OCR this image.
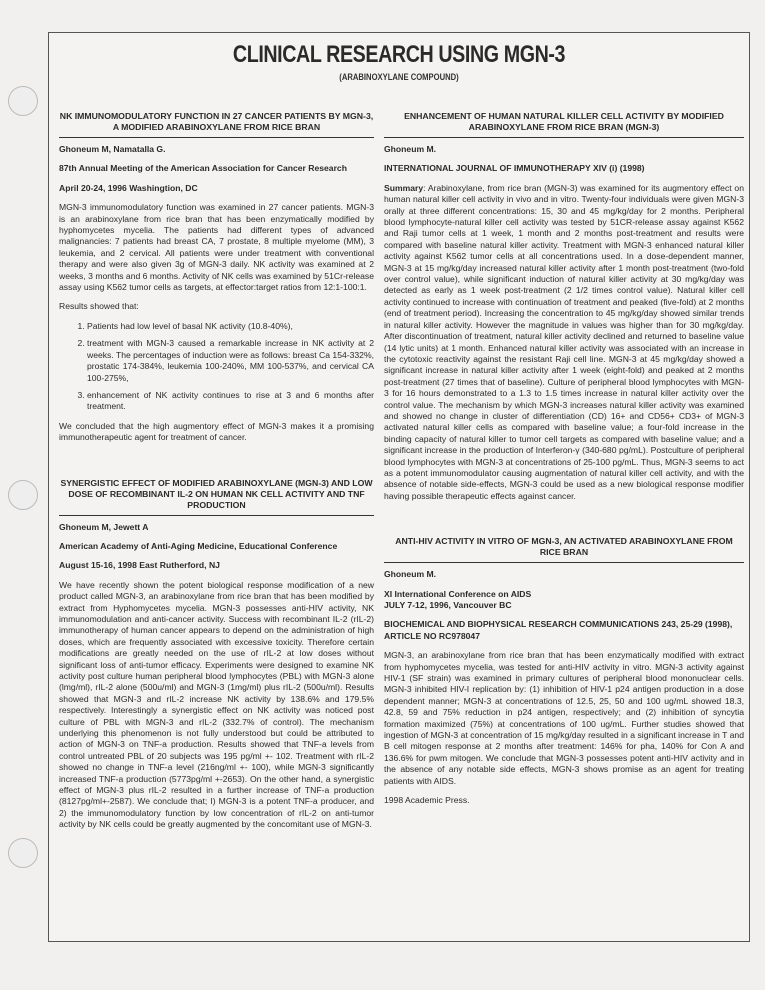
CLINICAL RESEARCH USING MGN-3
(ARABINOXYLANE COMPOUND)
NK IMMUNOMODULATORY FUNCTION IN 27 CANCER PATIENTS BY MGN-3, A MODIFIED ARABINOXYLANE FROM RICE BRAN
Ghoneum M, Namatalla G.
87th Annual Meeting of the American Association for Cancer Research
April 20-24, 1996 Washingtion, DC

MGN-3 immunomodulatory function was examined in 27 cancer patients. MGN-3 is an arabinoxylane from rice bran that has been enzymatically modified by hyphomycetes mycelia. The patients had different types of advanced malignancies: 7 patients had breast CA, 7 prostate, 8 multiple myelome (MM), 3 leukemia, and 2 cervical. All patients were under treatment with conventional therapy and were also given 3g of MGN-3 daily. NK activity was examined at 2 weeks, 3 months and 6 months. Activity of NK cells was examined by 51Cr-release assay using K562 tumor cells as targets, at effector:target ratios from 12:1-100:1.

Results showed that:

1. Patients had low level of basal NK activity (10.8-40%),
2. treatment with MGN-3 caused a remarkable increase in NK activity at 2 weeks. The percentages of induction were as follows: breast Ca 154-332%, prostatic 174-384%, leukemia 100-240%, MM 100-537%, and cervical CA 100-275%,
3. enhancement of NK activity continues to rise at 3 and 6 months after treatment.

We concluded that the high augmentory effect of MGN-3 makes it a promising immunotherapeutic agent for treatment of cancer.

SYNERGISTIC EFFECT OF MODIFIED ARABINOXYLANE (MGN-3) AND LOW DOSE OF RECOMBINANT IL-2 ON HUMAN NK CELL ACTIVITY AND TNF PRODUCTION
Ghoneum M, Jewett A
American Academy of Anti-Aging Medicine, Educational Conference
August 15-16, 1998 East Rutherford, NJ

We have recently shown the potent biological response modification of a new product called MGN-3, an arabinoxylane from rice bran that has been modified by extract from Hyphomycetes mycelia. MGN-3 possesses anti-HIV activity, NK immunomodulation and anti-cancer activity. Success with recombinant IL-2 (rIL-2) immunotherapy of human cancer appears to depend on the administration of high doses, which are frequently associated with excessive toxicity. Therefore certain modifications are greatly needed on the use of rIL-2 at low doses without significant loss of anti-tumor efficacy. Experiments were designed to examine NK activity post culture human peripheral blood lymphocytes (PBL) with MGN-3 alone (lmg/ml), rIL-2 alone (500u/ml) and MGN-3 (1mg/ml) plus rIL-2 (500u/ml). Results showed that MGN-3 and rIL-2 increase NK activity by 138.6% and 179.5% respectively. Interestingly a synergistic effect on NK activity was noticed post culture of PBL with MGN-3 and rIL-2 (332.7% of control). The mechanism underlying this phenomenon is not fully understood but could be attributed to action of MGN-3 on TNF-a production. Results showed that TNF-a levels from control untreated PBL of 20 subjects was 195 pg/ml +- 102. Treatment with rIL-2 showed no change in TNF-a level (216ng/ml +- 100), while MGN-3 significantly increased TNF-a production (5773pg/ml +-2653). On the other hand, a synergistic effect of MGN-3 plus rIL-2 resulted in a further increase of TNF-a production (8127pg/ml+-2587). We conclude that; I) MGN-3 is a potent TNF-a producer, and 2) the immunomodulatory function by low concentration of rIL-2 on anti-tumor activity by NK cells could be greatly augmented by the concomitant use of MGN-3.

ENHANCEMENT OF HUMAN NATURAL KILLER CELL ACTIVITY BY MODIFIED ARABINOXYLANE FROM RICE BRAN (MGN-3)
Ghoneum M.
INTERNATIONAL JOURNAL OF IMMUNOTHERAPY XIV (i) (1998)

Summary: Arabinoxylane, from rice bran (MGN-3) was examined for its augmentory effect on human natural killer cell activity in vivo and in vitro. Twenty-four individuals were given MGN-3 orally at three different concentrations: 15, 30 and 45 mg/kg/day for 2 months. Peripheral blood lymphocyte-natural killer cell activity was tested by 51CR-release assay against K562 and Raji tumor cells at 1 week, 1 month and 2 months post-treatment and results were compared with baseline natural killer activity. Treatment with MGN-3 enhanced natural killer activity against K562 tumor cells at all concentrations used. In a dose-dependent manner, MGN-3 at 15 mg/kg/day increased natural killer activity after 1 month post-treatment (two-fold over control value), while significant induction of natural killer activity at 30 mg/kg/day was detected as early as 1 week post-treatment (2 1/2 times control value). Natural killer cell activity continued to increase with continuation of treatment and peaked (five-fold) at 2 months (end of treatment period). Increasing the concentration to 45 mg/kg/day showed similar trends in natural killer activity. However the magnitude in values was higher than for 30 mg/kg/day. After discontinuation of treatment, natural killer activity declined and returned to baseline value (14 lytic units) at 1 month. Enhanced natural killer activity was associated with an increase in the cytotoxic reactivity against the resistant Raji cell line. MGN-3 at 45 mg/kg/day showed a significant increase in natural killer activity after 1 week (eight-fold) and peaked at 2 months post-treatment (27 times that of baseline). Culture of peripheral blood lymphocytes with MGN-3 for 16 hours demonstrated to a 1.3 to 1.5 times increase in natural killer activity over the control value. The mechanism by which MGN-3 increases natural killer activity was examined and showed no change in cluster of differentiation (CD) 16+ and CD56+ CD3+ of MGN-3 activated natural killer cells as compared with baseline value; a four-fold increase in the binding capacity of natural killer to tumor cell targets as compared with baseline value; and a significant increase in the production of Interferon-γ (340-680 pg/mL). Postculture of peripheral blood lymphocytes with MGN-3 at concentrations of 25-100 pg/mL. Thus, MGN-3 seems to act as a potent immunomodulator causing augmentation of natural killer cell activity, and with the absence of notable side-effects, MGN-3 could be used as a new biological response modifier having possible therapeutic effects against cancer.

ANTI-HIV ACTIVITY IN VITRO OF MGN-3, AN ACTIVATED ARABINOXYLANE FROM RICE BRAN
Ghoneum M.
XI International Conference on AIDS
JULY 7-12, 1996, Vancouver BC
BIOCHEMICAL AND BIOPHYSICAL RESEARCH COMMUNICATIONS 243, 25-29 (1998), ARTICLE NO RC978047

MGN-3, an arabinoxylane from rice bran that has been enzymatically modified with extract from hyphomycetes mycelia, was tested for anti-HIV activity in vitro. MGN-3 activity against HIV-1 (SF strain) was examined in primary cultures of peripheral blood mononuclear cells. MGN-3 inhibited HIV-I replication by: (1) inhibition of HIV-1 p24 antigen production in a dose dependent manner; MGN-3 at concentrations of 12.5, 25, 50 and 100 ug/mL showed 18.3, 42.8, 59 and 75% reduction in p24 antigen, respectively; and (2) inhibition of syncytia formation maximized (75%) at concentrations of 100 ug/mL. Further studies showed that ingestion of MGN-3 at concentration of 15 mg/kg/day resulted in a significant increase in T and B cell mitogen response at 2 months after treatment: 146% for pha, 140% for Con A and 136.6% for pwm mitogen. We conclude that MGN-3 possesses potent anti-HIV activity and in the absence of any notable side effects, MGN-3 shows promise as an agent for treating patients with AIDS.

1998 Academic Press.
